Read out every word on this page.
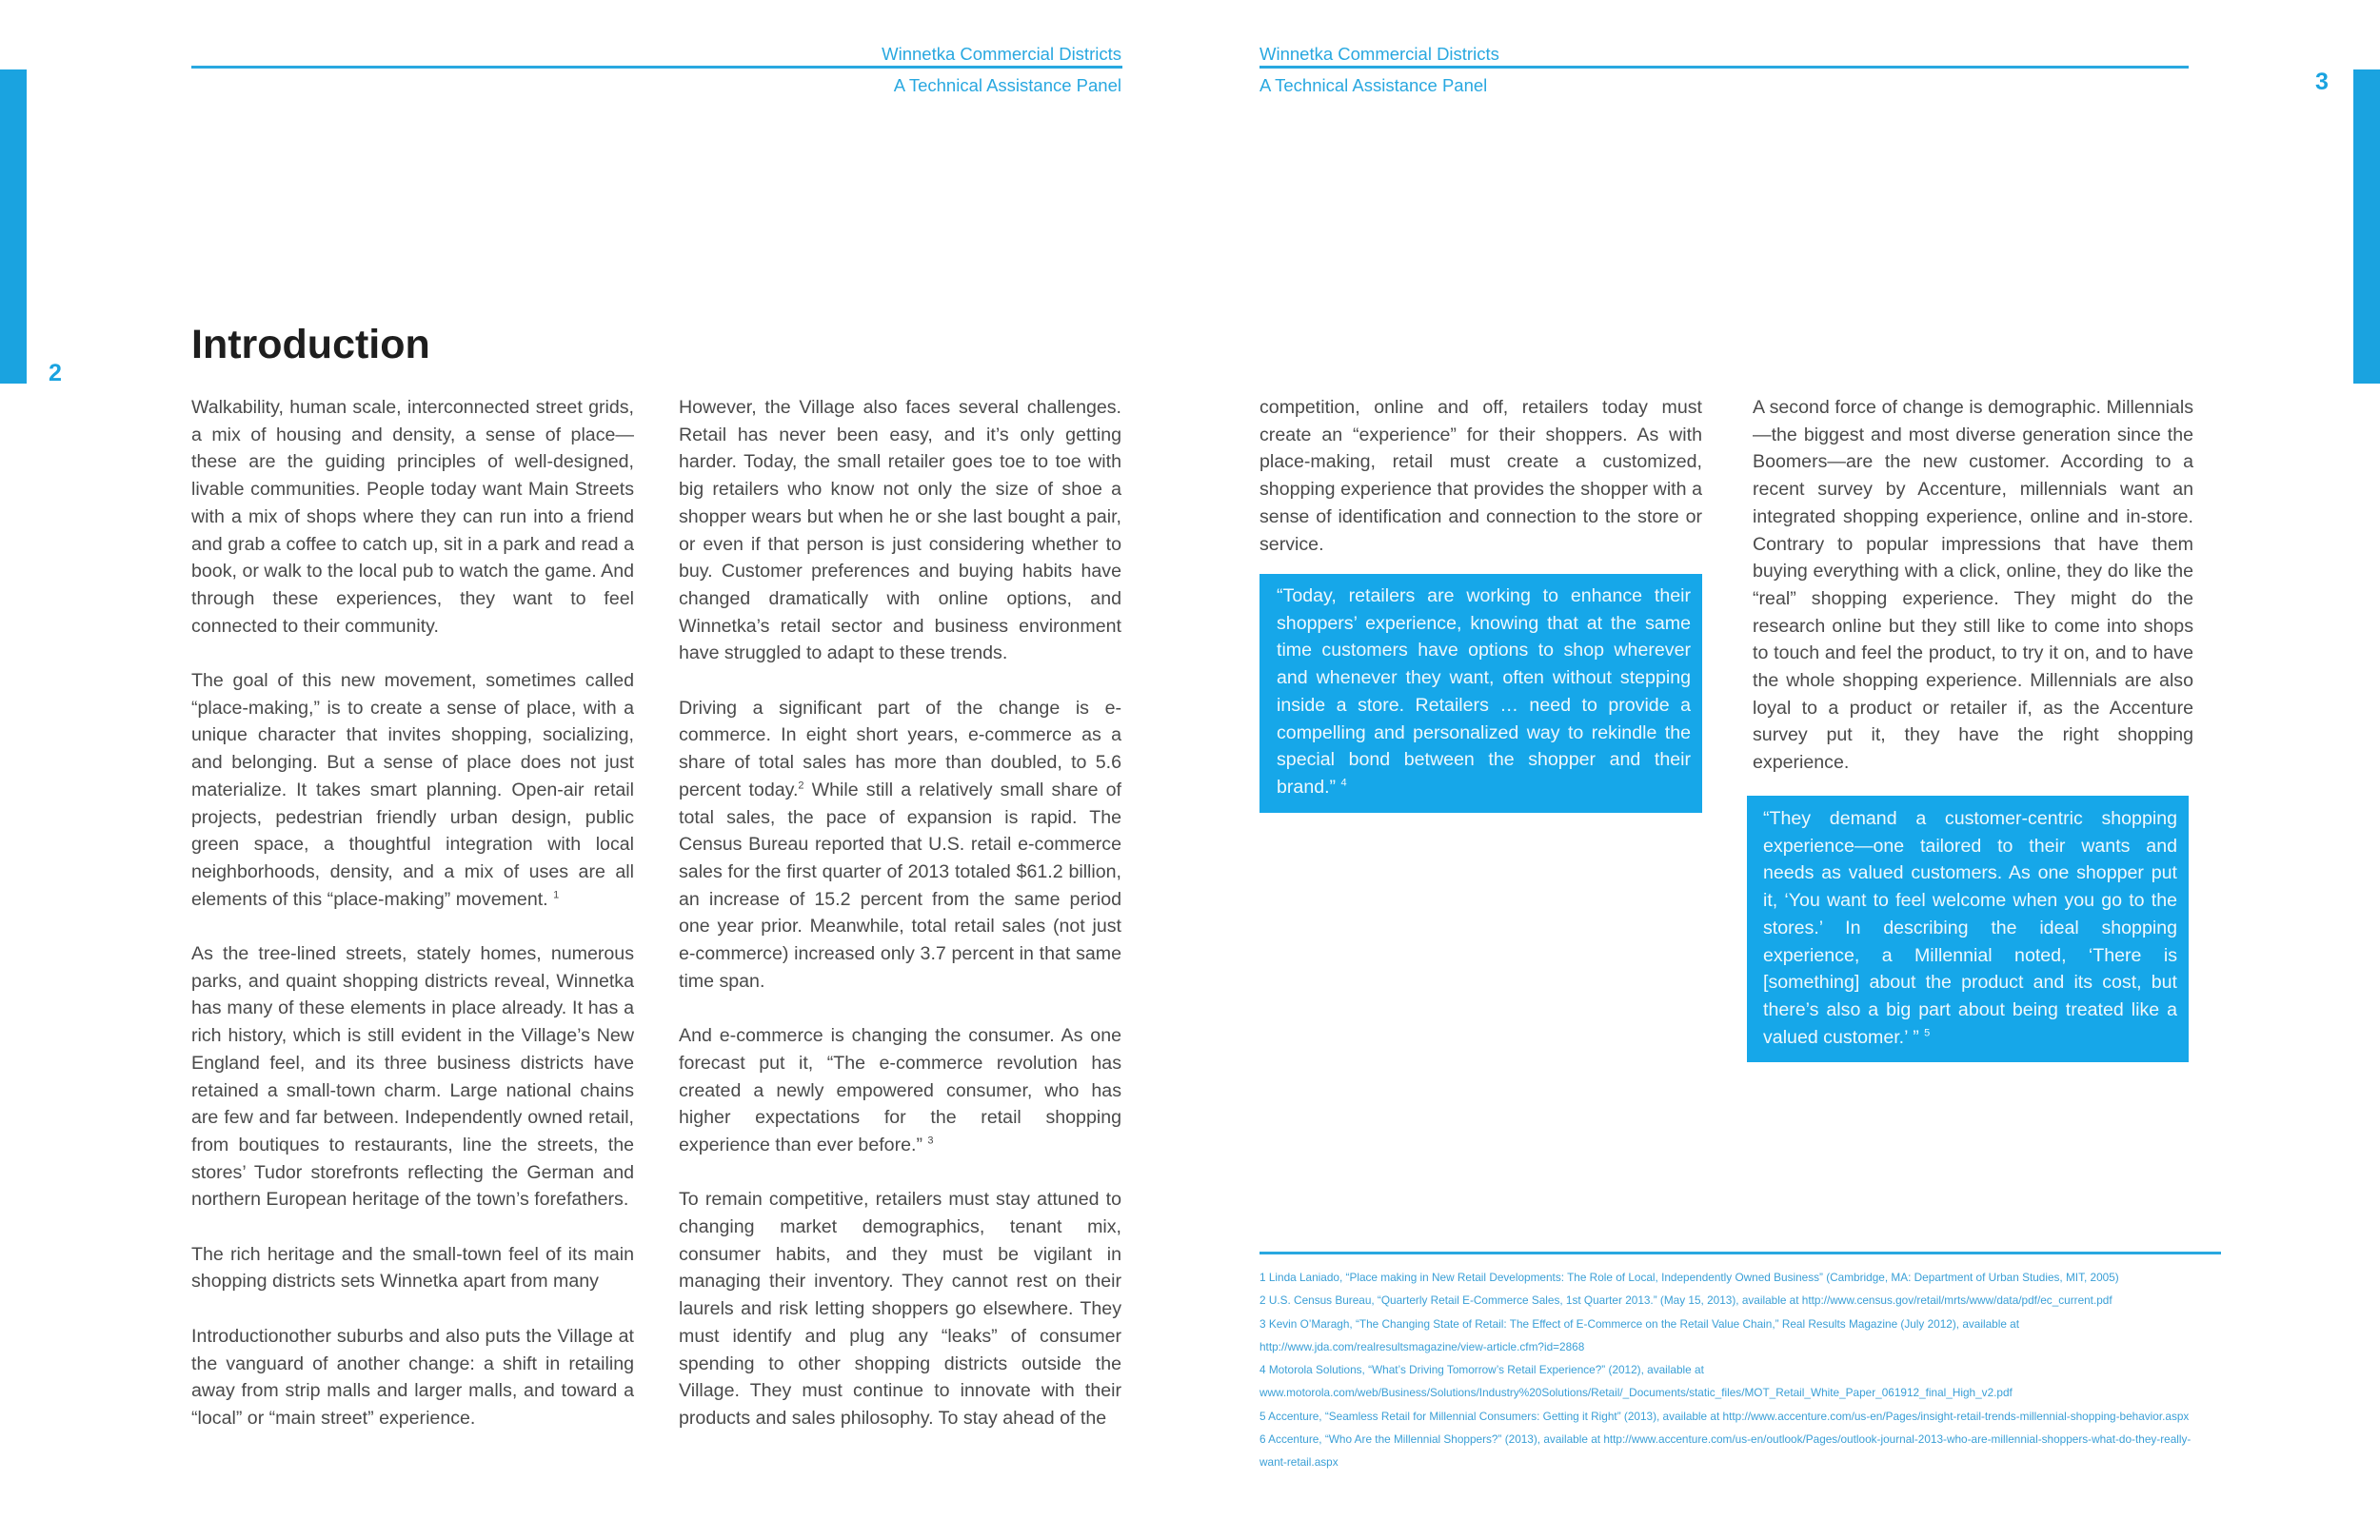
Winnetka Commercial Districts
A Technical Assistance Panel
Winnetka Commercial Districts
A Technical Assistance Panel
2
3
Introduction

Walkability, human scale, interconnected street grids, a mix of housing and density, a sense of place—these are the guiding principles of well-designed, livable communities. People today want Main Streets with a mix of shops where they can run into a friend and grab a coffee to catch up, sit in a park and read a book, or walk to the local pub to watch the game. And through these experiences, they want to feel connected to their community.

The goal of this new movement, sometimes called “place-making,” is to create a sense of place, with a unique character that invites shopping, socializing, and belonging. But a sense of place does not just materialize. It takes smart planning. Open-air retail projects, pedestrian friendly urban design, public green space, a thoughtful integration with local neighborhoods, density, and a mix of uses are all elements of this “place-making” movement. $^1$

As the tree-lined streets, stately homes, numerous parks, and quaint shopping districts reveal, Winnetka has many of these elements in place already. It has a rich history, which is still evident in the Village’s New England feel, and its three business districts have retained a small-town charm. Large national chains are few and far between. Independently owned retail, from boutiques to restaurants, line the streets, the stores’ Tudor storefronts reflecting the German and northern European heritage of the town’s forefathers.

The rich heritage and the small-town feel of its main shopping districts sets Winnetka apart from many

Introductionother suburbs and also puts the Village at the vanguard of another change: a shift in retailing away from strip malls and larger malls, and toward a “local” or “main street” experience.

However, the Village also faces several challenges. Retail has never been easy, and it’s only getting harder. Today, the small retailer goes toe to toe with big retailers who know not only the size of shoe a shopper wears but when he or she last bought a pair, or even if that person is just considering whether to buy. Customer preferences and buying habits have changed dramatically with online options, and Winnetka’s retail sector and business environment have struggled to adapt to these trends.

Driving a significant part of the change is e-commerce. In eight short years, e-commerce as a share of total sales has more than doubled, to 5.6 percent today.$^2$ While still a relatively small share of total sales, the pace of expansion is rapid. The Census Bureau reported that U.S. retail e-commerce sales for the first quarter of 2013 totaled $61.2 billion, an increase of 15.2 percent from the same period one year prior. Meanwhile, total retail sales (not just e-commerce) increased only 3.7 percent in that same time span.

And e-commerce is changing the consumer. As one forecast put it, “The e-commerce revolution has created a newly empowered consumer, who has higher expectations for the retail shopping experience than ever before.” $^3$

To remain competitive, retailers must stay attuned to changing market demographics, tenant mix, consumer habits, and they must be vigilant in managing their inventory. They cannot rest on their laurels and risk letting shoppers go elsewhere. They must identify and plug any “leaks” of consumer spending to other shopping districts outside the Village. They must continue to innovate with their products and sales philosophy. To stay ahead of the

competition, online and off, retailers today must create an “experience” for their shoppers. As with place-making, retail must create a customized, shopping experience that provides the shopper with a sense of identification and connection to the store or service.

“Today, retailers are working to enhance their shoppers’ experience, knowing that at the same time customers have options to shop wherever and whenever they want, often without stepping inside a store. Retailers … need to provide a compelling and personalized way to rekindle the special bond between the shopper and their brand.” $^4$

A second force of change is demographic. Millennials—the biggest and most diverse generation since the Boomers—are the new customer. According to a recent survey by Accenture, millennials want an integrated shopping experience, online and in-store. Contrary to popular impressions that have them buying everything with a click, online, they do like the “real” shopping experience. They might do the research online but they still like to come into shops to touch and feel the product, to try it on, and to have the whole shopping experience. Millennials are also loyal to a product or retailer if, as the Accenture survey put it, they have the right shopping experience.

“They demand a customer-centric shopping experience—one tailored to their wants and needs as valued customers. As one shopper put it, ‘You want to feel welcome when you go to the stores.’ In describing the ideal shopping experience, a Millennial noted, ‘There is [something] about the product and its cost, but there’s also a big part about being treated like a valued customer.’ ” $^5$

1 Linda Laniado, “Place making in New Retail Developments: The Role of Local, Independently Owned Business” (Cambridge, MA: Department of Urban Studies, MIT, 2005)

2 U.S. Census Bureau, “Quarterly Retail E-Commerce Sales, 1st Quarter 2013.” (May 15, 2013), available at http://www.census.gov/retail/mrts/www/data/pdf/ec_current.pdf

3 Kevin O’Maragh, “The Changing State of Retail: The Effect of E-Commerce on the Retail Value Chain,” Real Results Magazine (July 2012), available at http://www.jda.com/realresultsmagazine/view-article.cfm?id=2868

4 Motorola Solutions, “What’s Driving Tomorrow’s Retail Experience?” (2012), available at www.motorola.com/web/Business/Solutions/Industry%20Solutions/Retail/_Documents/static_files/MOT_Retail_White_Paper_061912_final_High_v2.pdf

5 Accenture, “Seamless Retail for Millennial Consumers: Getting it Right” (2013), available at http://www.accenture.com/us-en/Pages/insight-retail-trends-millennial-shopping-behavior.aspx

6 Accenture, “Who Are the Millennial Shoppers?” (2013), available at http://www.accenture.com/us-en/outlook/Pages/outlook-journal-2013-who-are-millennial-shoppers-what-do-they-really-want-retail.aspx
